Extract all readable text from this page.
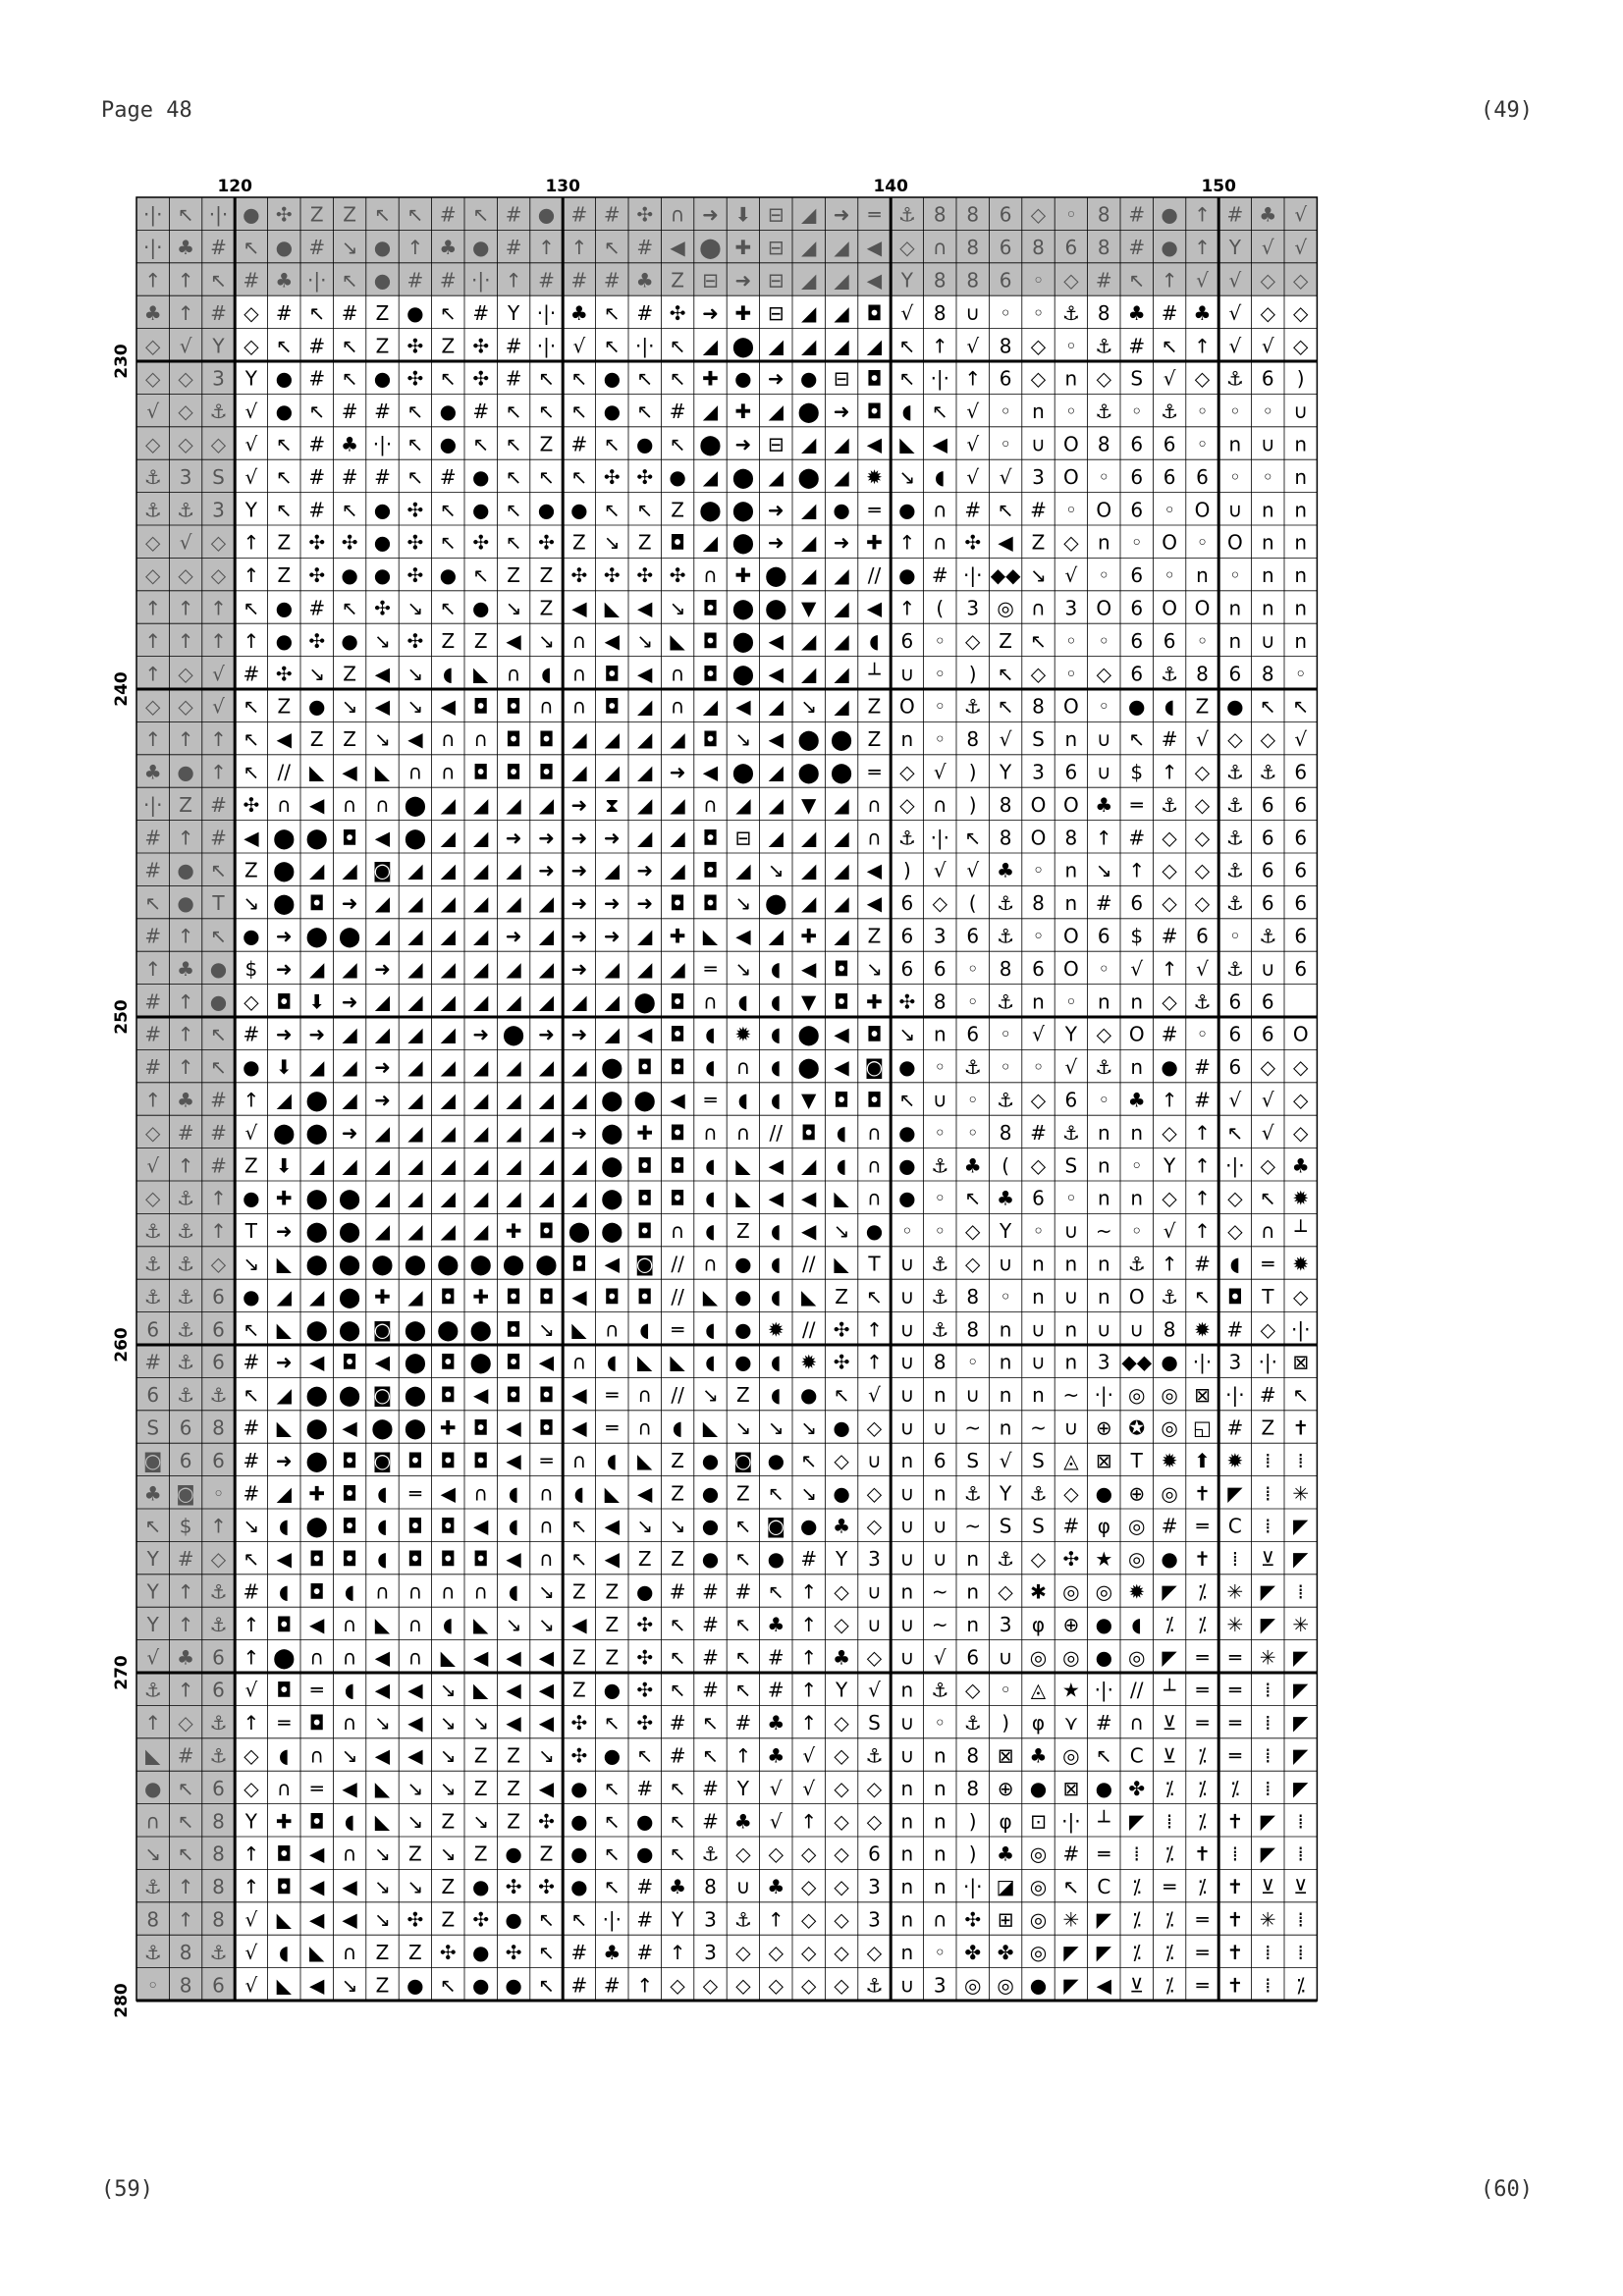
Page 48	(49)
(59)	(60)
·|· ↖ ·|· ● ✣ Z Z ↖ ↖ # ↖ # ● # # ✣ ∩ ➜ ⬇ ⊟ ◢ ➜ ═ ⚓ 8 8 6 ◇ ◦ 8 # ● ↑ # ♣ √
·|· ♣ # ↖ ● # ↘ ● ↑ ♣ ● # ↑ ↑ ↖ # ◀ ⬤ ✚ ⊟ ◢ ◢ ◀ ◇ ∩ 8 6 8 6 8 # ● ↑ Y √ √
↑ ↑ ↖ # ♣ ·|· ↖ ● # # ·|· ↑ # # # ♣ Z ⊟ ➜ ⊟ ◢ ◢ ◀ Y 8 8 6 ◦ ◇ # ↖ ↑ √ √ ◇ ◇
♣ ↑ # ◇ # ↖ # Z ● ↖ # Y ·|· ♣ ↖ # ✣ ➜ ✚ ⊟ ◢ ◢ ◘ √ 8 ∪ ◦ ◦ ⚓ 8 ♣ # ♣ √ ◇ ◇
◇ √ Y ◇ ↖ # ↖ Z ✣ Z ✣ # ·|· √ ↖ ·|· ↖ ◢ ⬤ ◢ ◢ ◢ ◢ ↖ ↑ √ 8 ◇ ◦ ⚓ # ↖ ↑ √ √ ◇
◇ ◇ 3 Y ● # ↖ ● ✣ ↖ ✣ # ↖ ↖ ● ↖ ↖ ✚ ● ➜ ● ⊟ ◘ ↖ ·|· ↑ 6 ◇ n ◇ S √ ◇ ⚓ 6 )
√ ◇ ⚓ √ ● ↖ # # ↖ ● # ↖ ↖ ↖ ● ↖ # ◢ ✚ ◢ ⬤ ➜ ◘ ◖ ↖ √ ◦ n ◦ ⚓ ◦ ⚓ ◦ ◦ ◦ ∪
◇ ◇ ◇ √ ↖ # ♣ ·|· ↖ ● ↖ ↖ Z # ↖ ● ↖ ⬤ ➜ ⊟ ◢ ◢ ◀ ◣ ◀ √ ◦ ∪ O 8 6 6 ◦ n ∪ n
⚓ 3 S √ ↖ # # # ↖ # ● ↖ ↖ ↖ ✣ ✣ ● ◢ ⬤ ◢ ⬤ ◢ ✹ ↘ ◖ √ √ 3 O ◦ 6 6 6 ◦ ◦ n
⚓ ⚓ 3 Y ↖ # ↖ ● ✣ ↖ ● ↖ ● ● ↖ ↖ Z ⬤ ⬤ ➜ ◢ ● ═ ● ∩ # ↖ # ◦ O 6 ◦ O ∪ n n
◇ √ ◇ ↑ Z ✣ ✣ ● ✣ ↖ ✣ ↖ ✣ Z ↘ Z ◘ ◢ ⬤ ➜ ◢ ➜ ✚ ↑ ∩ ✣ ◀ Z ◇ n ◦ O ◦ O n n
◇ ◇ ◇ ↑ Z ✣ ● ● ✣ ● ↖ Z Z ✣ ✣ ✣ ✣ ∩ ✚ ⬤ ◢ ◢ // ● # ·|· ◆◆ ↘ √ ◦ 6 ◦ n ◦ n n
↑ ↑ ↑ ↖ ● # ↖ ✣ ↘ ↖ ● ↘ Z ◀ ◣ ◀ ↘ ◘ ⬤ ⬤ ▼ ◢ ◀ ↑ ( 3 ◎ ∩ 3 O 6 O O n n n
↑ ↑ ↑ ↑ ● ✣ ● ↘ ✣ Z Z ◀ ↘ ∩ ◀ ↘ ◣ ◘ ⬤ ◀ ◢ ◢ ◖ 6 ◦ ◇ Z ↖ ◦ ◦ 6 6 ◦ n ∪ n
↑ ◇ √ # ✣ ↘ Z ◀ ↘ ◖ ◣ ∩ ◖ ∩ ◘ ◀ ∩ ◘ ⬤ ◀ ◢ ◢ ┴ ∪ ◦ ) ↖ ◇ ◦ ◇ 6 ⚓ 8 6 8 ◦
◇ ◇ √ ↖ Z ● ↘ ◀ ↘ ◀ ◘ ◘ ∩ ∩ ◘ ◢ ∩ ◢ ◀ ◢ ↘ ◢ Z O ◦ ⚓ ↖ 8 O ◦ ● ◖ Z ● ↖ ↖
↑ ↑ ↑ ↖ ◀ Z Z ↘ ◀ ∩ ∩ ◘ ◘ ◢ ◢ ◢ ◢ ◘ ↘ ◀ ⬤ ⬤ Z n ◦ 8 √ S n ∪ ↖ # √ ◇ ◇ √
♣ ● ↑ ↖ // ◣ ◀ ◣ ∩ ∩ ◘ ◘ ◘ ◢ ◢ ◢ ➜ ◀ ⬤ ◢ ⬤ ⬤ ═ ◇ √ ) Y 3 6 ∪ $ ↑ ◇ ⚓ ⚓ 6
·|· Z # ✣ ∩ ◀ ∩ ∩ ⬤ ◢ ◢ ◢ ◢ ➜ ⧗ ◢ ◢ ∩ ◢ ◢ ▼ ◢ ∩ ◇ ∩ ) 8 O O ♣ ═ ⚓ ◇ ⚓ 6 6
# ↑ # ◀ ⬤ ⬤ ◘ ◀ ⬤ ◢ ◢ ➜ ➜ ➜ ➜ ◢ ◢ ◘ ⊟ ◢ ◢ ◢ ∩ ⚓ ·|· ↖ 8 O 8 ↑ # ◇ ◇ ⚓ 6 6
# ● ↖ Z ⬤ ◢ ◢ ◙ ◢ ◢ ◢ ◢ ➜ ➜ ◢ ➜ ◢ ◘ ◢ ↘ ◢ ◢ ◀ ) √ √ ♣ ◦ n ↘ ↑ ◇ ◇ ⚓ 6 6
↖ ● T ↘ ⬤ ◘ ➜ ◢ ◢ ◢ ◢ ◢ ◢ ➜ ➜ ➜ ◘ ◘ ↘ ⬤ ◢ ◢ ◀ 6 ◇ ( ⚓ 8 n # 6 ◇ ◇ ⚓ 6 6
# ↑ ↖ ● ➜ ⬤ ⬤ ◢ ◢ ◢ ◢ ➜ ◢ ➜ ➜ ◢ ✚ ◣ ◀ ◢ ✚ ◢ Z 6 3 6 ⚓ ◦ O 6 $ # 6 ◦ ⚓ 6
↑ ♣ ● $ ➜ ◢ ◢ ➜ ◢ ◢ ◢ ◢ ◢ ➜ ◢ ◢ ◢ ═ ↘ ◖ ◀ ◘ ↘ 6 6 ◦ 8 6 O ◦ √ ↑ √ ⚓ ∪ 6
# ↑ ● ◇ ◘ ⬇ ➜ ◢ ◢ ◢ ◢ ◢ ◢ ◢ ◢ ⬤ ◘ ∩ ◖ ◖ ▼ ◘ ✚ ✣ 8 ◦ ⚓ n ◦ n n ◇ ⚓ 6 6
# ↑ ↖ # ➜ ➜ ◢ ◢ ◢ ◢ ➜ ⬤ ➜ ➜ ◢ ◀ ◘ ◖ ✹ ◖ ⬤ ◀ ◘ ↘ n 6 ◦ √ Y ◇ O # ◦ 6 6 O
# ↑ ↖ ● ⬇ ◢ ◢ ➜ ◢ ◢ ◢ ◢ ◢ ◢ ⬤ ◘ ◘ ◖ ∩ ◖ ⬤ ◀ ◙ ● ◦ ⚓ ◦ ◦ √ ⚓ n ● # 6 ◇ ◇
↑ ♣ # ↑ ◢ ⬤ ◢ ➜ ◢ ◢ ◢ ◢ ◢ ◢ ⬤ ⬤ ◀ ═ ◖ ◖ ▼ ◘ ◘ ↖ ∪ ◦ ⚓ ◇ 6 ◦ ♣ ↑ # √ √ ◇
◇ # # √ ⬤ ⬤ ➜ ◢ ◢ ◢ ◢ ◢ ◢ ➜ ⬤ ✚ ◘ ∩ ∩ // ◘ ◖ ∩ ● ◦ ◦ 8 # ⚓ n n ◇ ↑ ↖ √ ◇
√ ↑ # Z ⬇ ◢ ◢ ◢ ◢ ◢ ◢ ◢ ◢ ◢ ⬤ ◘ ◘ ◖ ◣ ◀ ◢ ◖ ∩ ● ⚓ ♣ ( ◇ S n ◦ Y ↑ ·|· ◇ ♣
◇ ⚓ ↑ ● ✚ ⬤ ⬤ ◢ ◢ ◢ ◢ ◢ ◢ ◢ ⬤ ◘ ◘ ◖ ◣ ◀ ◀ ◣ ∩ ● ◦ ↖ ♣ 6 ◦ n n ◇ ↑ ◇ ↖ ✹
⚓ ⚓ ↑ T ➜ ⬤ ⬤ ◢ ◢ ◢ ◢ ✚ ◘ ⬤ ⬤ ◘ ∩ ◖ Z ◖ ◀ ↘ ● ◦ ◦ ◇ Y ◦ ∪ ~ ◦ √ ↑ ◇ ∩ ┴
⚓ ⚓ ◇ ↘ ◣ ⬤ ⬤ ⬤ ⬤ ⬤ ⬤ ⬤ ⬤ ◘ ◀ ◙ // ∩ ● ◖ // ◣ T ∪ ⚓ ◇ ∪ n n n ⚓ ↑ # ◖ ═ ✹
⚓ ⚓ 6 ● ◢ ◢ ⬤ ✚ ◢ ◘ ✚ ◘ ◘ ◀ ◘ ◘ // ◣ ● ◖ ◣ Z ↖ ∪ ⚓ 8 ◦ n ∪ n O ⚓ ↖ ◘ T ◇
6 ⚓ 6 ↖ ◣ ⬤ ⬤ ◙ ⬤ ⬤ ⬤ ◘ ↘ ◣ ∩ ◖ ═ ◖ ● ✹ // ✣ ↑ ∪ ⚓ 8 n ∪ n ∪ ∪ 8 ✹ # ◇ ·|·
# ⚓ 6 # ➜ ◀ ◘ ◀ ⬤ ◘ ⬤ ◘ ◀ ∩ ◖ ◣ ◣ ◖ ● ◖ ✹ ✣ ↑ ∪ 8 ◦ n ∪ n 3 ◆◆ ● ·|· 3 ·|· ⊠
6 ⚓ ⚓ ↖ ◢ ⬤ ⬤ ◙ ⬤ ◘ ◀ ◘ ◘ ◀ ═ ∩ // ↘ Z ◖ ● ↖ √ ∪ n ∪ n n ~ ·|· ◎ ◎ ⊠ ·|· # ↖
S 6 8 # ◣ ⬤ ◀ ⬤ ⬤ ✚ ◘ ◀ ◘ ◀ ═ ∩ ◖ ◣ ↘ ↘ ↘ ● ◇ ∪ ∪ ~ n ~ ∪ ⊕ ✪ ◎ ◱ # Z ✝
◙ 6 6 # ➜ ⬤ ◘ ◙ ◘ ◘ ◘ ◀ ═ ∩ ◖ ◣ Z ● ◙ ● ↖ ◇ ∪ n 6 S √ S ◬ ⊠ T ✹ ⬆ ✹ ⁞ ⁞
♣ ◙ ◦ # ◢ ✚ ◘ ◖ ═ ◀ ∩ ◖ ∩ ◖ ◣ ◀ Z ● Z ↖ ↘ ● ◇ ∪ n ⚓ Y ⚓ ◇ ● ⊕ ◎ ✝ ◤ ⁞ ✳
↖ $ ↑ ↘ ◖ ⬤ ◘ ◖ ◘ ◘ ◀ ◖ ∩ ↖ ◀ ↘ ↘ ● ↖ ◙ ● ♣ ◇ ∪ ∪ ~ S S # φ ◎ # ═ C ⁞ ◤
Y # ◇ ↖ ◀ ◘ ◘ ◖ ◘ ◘ ◘ ◀ ∩ ↖ ◀ Z Z ● ↖ ● # Y 3 ∪ ∪ n ⚓ ◇ ✣ ★ ◎ ● ✝ ⁞ ⊻ ◤
Y ↑ ⚓ # ◖ ◘ ◖ ∩ ∩ ∩ ∩ ◖ ↘ Z Z ● # # # ↖ ↑ ◇ ∪ n ~ n ◇ ✱ ◎ ◎ ✹ ◤ ⁒ ✳ ◤ ⁞
Y ↑ ⚓ ↑ ◘ ◀ ∩ ◣ ∩ ◖ ◣ ↘ ↘ ◀ Z ✣ ↖ # ↖ ♣ ↑ ◇ ∪ ∪ ~ n 3 φ ⊕ ● ◖ ⁒ ⁒ ✳ ◤ ✳
√ ♣ 6 ↑ ⬤ ∩ ∩ ◀ ∩ ◣ ◀ ◀ ◀ Z Z ✣ ↖ # ↖ # ↑ ♣ ◇ ∪ √ 6 ∪ ◎ ◎ ● ◎ ◤ ═ ═ ✳ ◤
⚓ ↑ 6 √ ◘ ═ ◖ ◀ ◀ ↘ ◣ ◀ ◀ Z ● ✣ ↖ # ↖ # ↑ Y √ n ⚓ ◇ ◦ ◬ ★ ·|· // ┴ ═ ═ ⁞ ◤
↑ ◇ ⚓ ↑ ═ ◘ ∩ ↘ ◀ ↘ ↘ ◀ ◀ ✣ ↖ ✣ # ↖ # ♣ ↑ ◇ S ∪ ◦ ⚓ ) φ ⋎ # ∩ ⊻ ═ ═ ⁞ ◤
◣ # ⚓ ◇ ◖ ∩ ↘ ◀ ◀ ↘ Z Z ↘ ✣ ● ↖ # ↖ ↑ ♣ √ ◇ ⚓ ∪ n 8 ⊠ ♣ ◎ ↖ C ⊻ ⁒ ═ ⁞ ◤
● ↖ 6 ◇ ∩ ═ ◀ ◣ ↘ ↘ Z Z ◀ ● ↖ # ↖ # Y √ √ ◇ ◇ n n 8 ⊕ ● ⊠ ● ✤ ⁒ ⁒ ⁒ ⁞ ◤
∩ ↖ 8 Y ✚ ◘ ◖ ◣ ↘ Z ↘ Z ✣ ● ↖ ● ↖ # ♣ √ ↑ ◇ ◇ n n ) φ ⊡ ·|· ┴ ◤ ⁞ ⁒ ✝ ◤ ⁞
↘ ↖ 8 ↑ ◘ ◀ ∩ ↘ Z ↘ Z ● Z ● ↖ ● ↖ ⚓ ◇ ◇ ◇ ◇ 6 n n ) ♣ ◎ # ═ ⁞ ⁒ ✝ ⁞ ◤ ⁞
⚓ ↑ 8 ↑ ◘ ◀ ◀ ↘ ↘ Z ● ✣ ✣ ● ↖ # ♣ 8 ∪ ♣ ◇ ◇ 3 n n ·|· ◪ ◎ ↖ C ⁒ ═ ⁒ ✝ ⊻ ⊻
8 ↑ 8 √ ◣ ◀ ◀ ↘ ✣ Z ✣ ● ↖ ↖ ·|· # Y 3 ⚓ ↑ ◇ ◇ 3 n ∩ ✣ ⊞ ◎ ✳ ◤ ⁒ ⁒ ═ ✝ ✳ ⁞
⚓ 8 ⚓ √ ◖ ◣ ∩ Z Z ✣ ● ✣ ↖ # ♣ # ↑ 3 ◇ ◇ ◇ ◇ ◇ n ◦ ✤ ✤ ◎ ◤ ◤ ⁒ ⁒ ═ ✝ ⁞ ⁞
◦ 8 6 √ ◣ ◀ ↘ Z ● ↖ ● ● ↖ # # ↑ ◇ ◇ ◇ ◇ ◇ ◇ ⚓ ∪ 3 ◎ ◎ ● ◤ ◀ ⊻ ⁒ ═ ✝ ⁞ ⁒
120	130	140	150
230
240
250
260
270
280
